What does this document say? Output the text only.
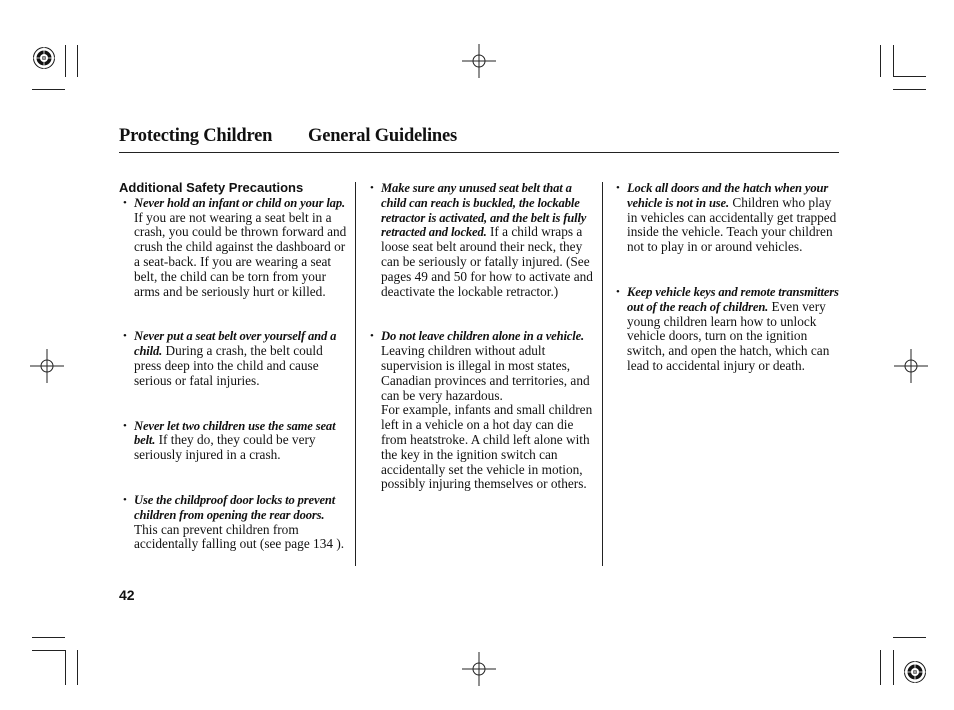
Protecting Children General Guidelines

Additional Safety Precautions

• Never hold an infant or child on your lap. If you are not wearing a seat belt in a crash, you could be thrown forward and crush the child against the dashboard or a seat-back. If you are wearing a seat belt, the child can be torn from your arms and be seriously hurt or killed.
• Never put a seat belt over yourself and a child. During a crash, the belt could press deep into the child and cause serious or fatal injuries.
• Never let two children use the same seat belt. If they do, they could be very seriously injured in a crash.
• Use the childproof door locks to prevent children from opening the rear doors. This can prevent children from accidentally falling out (see page 134 ).
• Make sure any unused seat belt that a child can reach is buckled, the lockable retractor is activated, and the belt is fully retracted and locked. If a child wraps a loose seat belt around their neck, they can be seriously or fatally injured. (See pages 49 and 50 for how to activate and deactivate the lockable retractor.)
• Do not leave children alone in a vehicle. Leaving children without adult supervision is illegal in most states, Canadian provinces and territories, and can be very hazardous.

For example, infants and small children left in a vehicle on a hot day can die from heatstroke. A child left alone with the key in the ignition switch can accidentally set the vehicle in motion, possibly injuring themselves or others.

• Lock all doors and the hatch when your vehicle is not in use. Children who play in vehicles can accidentally get trapped inside the vehicle. Teach your children not to play in or around vehicles.
• Keep vehicle keys and remote transmitters out of the reach of children. Even very young children learn how to unlock vehicle doors, turn on the ignition switch, and open the hatch, which can lead to accidental injury or death.
42
